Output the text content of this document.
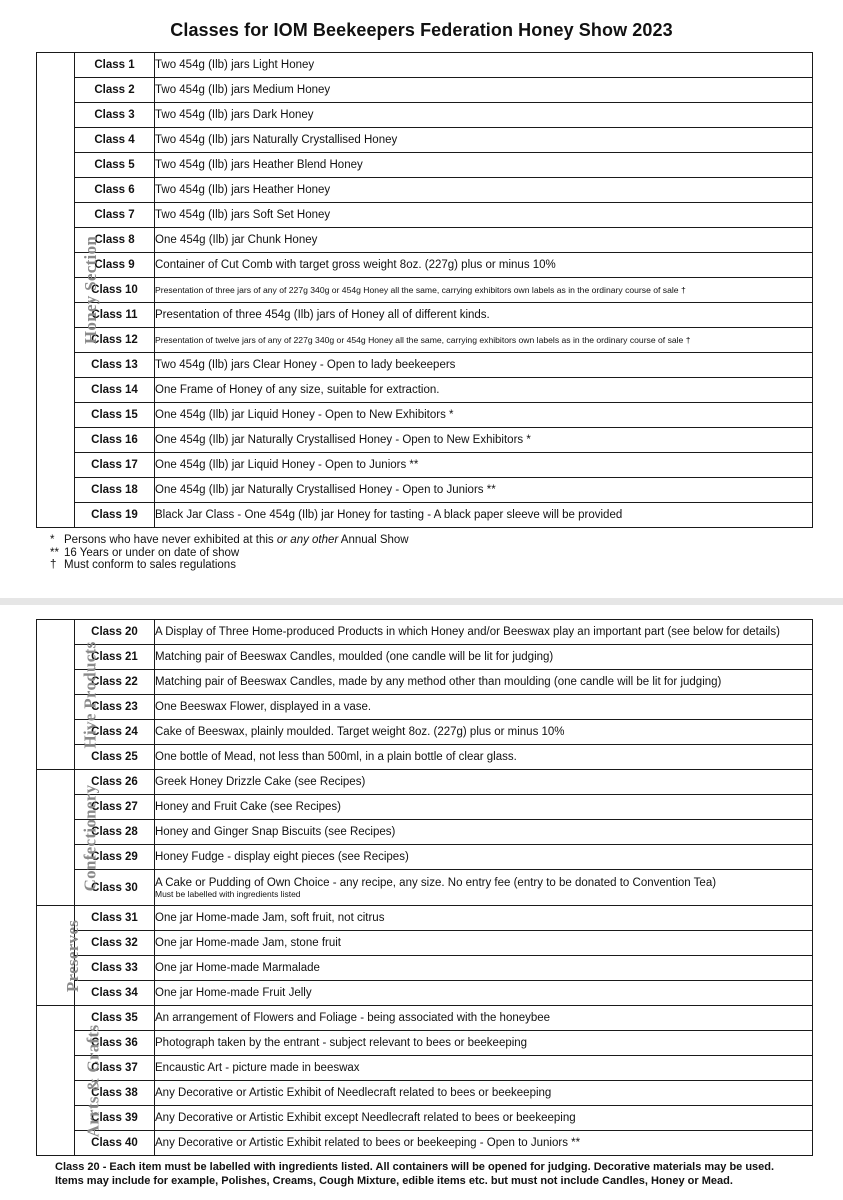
Classes for IOM Beekeepers Federation Honey Show 2023
Honey Section	Class 1	Two 454g (Ilb) jars Light Honey
	Class 2	Two 454g (Ilb) jars Medium Honey
	Class 3	Two 454g (Ilb) jars Dark Honey
	Class 4	Two 454g (Ilb) jars Naturally Crystallised Honey
	Class 5	Two 454g (Ilb) jars Heather Blend Honey
	Class 6	Two 454g (Ilb) jars Heather Honey
	Class 7	Two 454g (Ilb) jars Soft Set Honey
	Class 8	One 454g (Ilb) jar Chunk Honey
	Class 9	Container of Cut Comb with target gross weight 8oz. (227g) plus or minus 10%
	Class 10	Presentation of three jars of any of 227g 340g or 454g Honey all the same, carrying exhibitors own labels as in the ordinary course of sale †
	Class 11	Presentation of three 454g (Ilb) jars of Honey all of different kinds.
	Class 12	Presentation of twelve jars of any of 227g 340g or 454g Honey all the same, carrying exhibitors own labels as in the ordinary course of sale †
	Class 13	Two 454g (Ilb) jars Clear Honey - Open to lady beekeepers
	Class 14	One Frame of Honey of any size, suitable for extraction.
	Class 15	One 454g (Ilb) jar Liquid Honey - Open to New Exhibitors *
	Class 16	One 454g (Ilb) jar Naturally Crystallised Honey - Open to New Exhibitors *
	Class 17	One 454g (Ilb) jar Liquid Honey - Open to Juniors **
	Class 18	One 454g (Ilb) jar Naturally Crystallised Honey - Open to Juniors **
	Class 19	Black Jar Class - One 454g (Ilb) jar Honey for tasting - A black paper sleeve will be provided
* Persons who have never exhibited at this or any other Annual Show
** 16 Years or under on date of show
† Must conform to sales regulations
Hive Products	Class 20	A Display of Three Home-produced Products in which Honey and/or Beeswax play an important part (see below for details)
	Class 21	Matching pair of Beeswax Candles, moulded (one candle will be lit for judging)
	Class 22	Matching pair of Beeswax Candles, made by any method other than moulding (one candle will be lit for judging)
	Class 23	One Beeswax Flower, displayed in a vase.
	Class 24	Cake of Beeswax, plainly moulded. Target weight 8oz. (227g) plus or minus 10%
	Class 25	One bottle of Mead, not less than 500ml, in a plain bottle of clear glass.
Confectionery	Class 26	Greek Honey Drizzle Cake (see Recipes)
	Class 27	Honey and Fruit Cake (see Recipes)
	Class 28	Honey and Ginger Snap Biscuits (see Recipes)
	Class 29	Honey Fudge - display eight pieces (see Recipes)
	Class 30	A Cake or Pudding of Own Choice - any recipe, any size. No entry fee (entry to be donated to Convention Tea)
Must be labelled with ingredients listed

Preserves	Class 31	One jar Home-made Jam, soft fruit, not citrus
	Class 32	One jar Home-made Jam, stone fruit
	Class 33	One jar Home-made Marmalade
	Class 34	One jar Home-made Fruit Jelly
Arrts & Crafts	Class 35	An arrangement of Flowers and Foliage - being associated with the honeybee
	Class 36	Photograph taken by the entrant - subject relevant to bees or beekeeping
	Class 37	Encaustic Art - picture made in beeswax
	Class 38	Any Decorative or Artistic Exhibit of Needlecraft related to bees or beekeeping
	Class 39	Any Decorative or Artistic Exhibit except Needlecraft related to bees or beekeeping
	Class 40	Any Decorative or Artistic Exhibit related to bees or beekeeping - Open to Juniors **
Class 20 - Each item must be labelled with ingredients listed. All containers will be opened for judging. Decorative materials may be used.
Items may include for example, Polishes, Creams, Cough Mixture, edible items etc. but must not include Candles, Honey or Mead.
